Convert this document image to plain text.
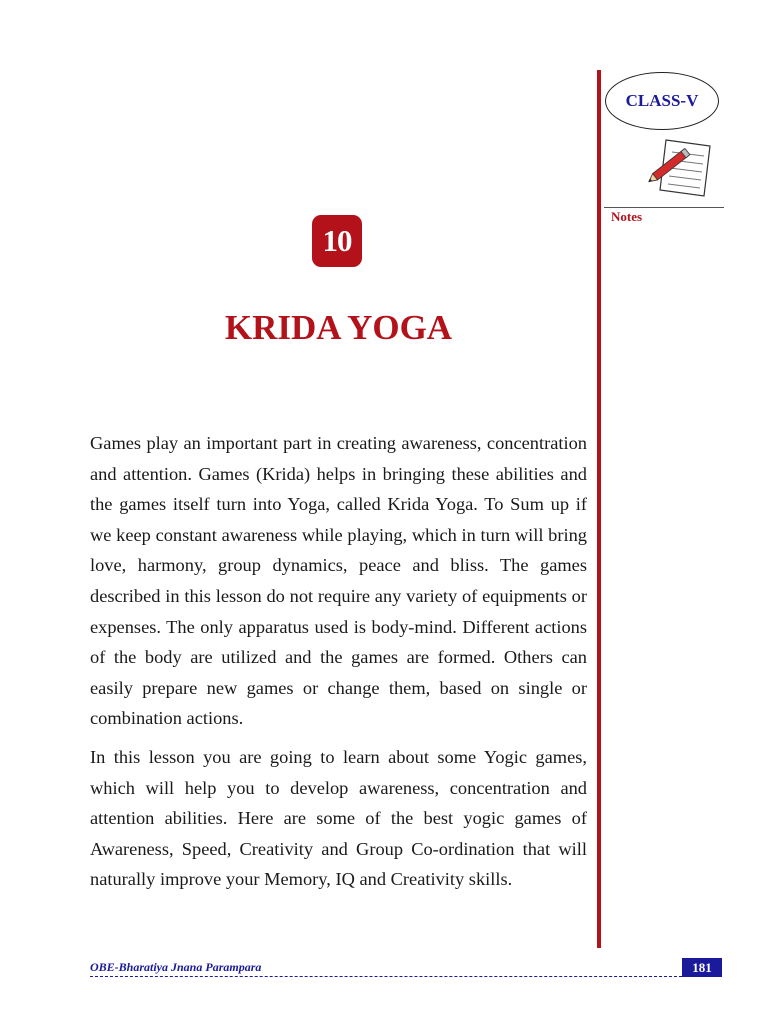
CLASS-V
Notes
10
KRIDA YOGA

Games play an important part in creating awareness, concentration and attention. Games (Krida) helps in bringing these abilities and the games itself turn into Yoga, called Krida Yoga. To Sum up if we keep constant awareness while playing, which in turn will bring love, harmony, group dynamics, peace and bliss. The games described in this lesson do not require any variety of equipments or expenses. The only apparatus used is body-mind. Different actions of the body are utilized and the games are formed. Others can easily prepare new games or change them, based on single or combination actions.

In this lesson you are going to learn about some Yogic games, which will help you to develop awareness, concentration and attention abilities. Here are some of the best yogic games of Awareness, Speed, Creativity and Group Co-ordination that will naturally improve your Memory, IQ and Creativity skills.

OBE-Bharatiya Jnana Parampara	181
